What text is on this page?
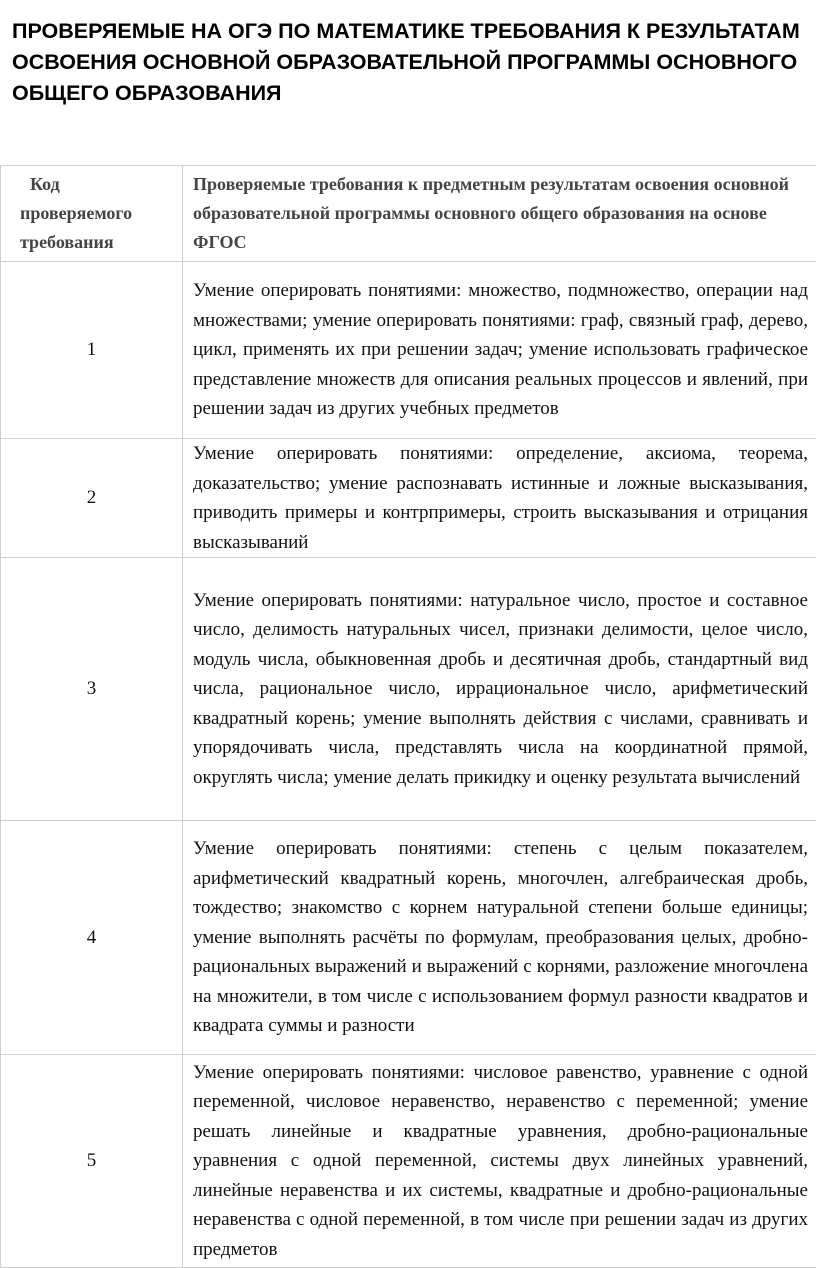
ПРОВЕРЯЕМЫЕ НА ОГЭ ПО МАТЕМАТИКЕ ТРЕБОВАНИЯ К РЕЗУЛЬТАТАМ ОСВОЕНИЯ ОСНОВНОЙ ОБРАЗОВАТЕЛЬНОЙ ПРОГРАММЫ ОСНОВНОГО ОБЩЕГО ОБРАЗОВАНИЯ
Код
проверяемого
требования	Проверяемые требования к предметным результатам освоения основной образовательной программы основного общего образования на основе ФГОС

1	Умение оперировать понятиями: множество, подмножество, операции над множествами; умение оперировать понятиями: граф, связный граф, дерево, цикл, применять их при решении задач; умение использовать графическое представление множеств для описания реальных процессов и явлений, при решении задач из других учебных предметов
2	Умение оперировать понятиями: определение, аксиома, теорема, доказательство; умение распознавать истинные и ложные высказывания, приводить примеры и контрпримеры, строить высказывания и отрицания высказываний
3	Умение оперировать понятиями: натуральное число, простое и составное число, делимость натуральных чисел, признаки делимости, целое число, модуль числа, обыкновенная дробь и десятичная дробь, стандартный вид числа, рациональное число, иррациональное число, арифметический квадратный корень; умение выполнять действия с числами, сравнивать и упорядочивать числа, представлять числа на координатной прямой, округлять числа; умение делать прикидку и оценку результата вычислений
4	Умение оперировать понятиями: степень с целым показателем, арифметический квадратный корень, многочлен, алгебраическая дробь, тождество; знакомство с корнем натуральной степени больше единицы; умение выполнять расчёты по формулам, преобразования целых, дробно-рациональных выражений и выражений с корнями, разложение многочлена на множители, в том числе с использованием формул разности квадратов и квадрата суммы и разности
5	Умение оперировать понятиями: числовое равенство, уравнение с одной переменной, числовое неравенство, неравенство с переменной; умение решать линейные и квадратные уравнения, дробно-рациональные уравнения с одной переменной, системы двух линейных уравнений, линейные неравенства и их системы, квадратные и дробно-рациональные неравенства с одной переменной, в том числе при решении задач из других предметов
